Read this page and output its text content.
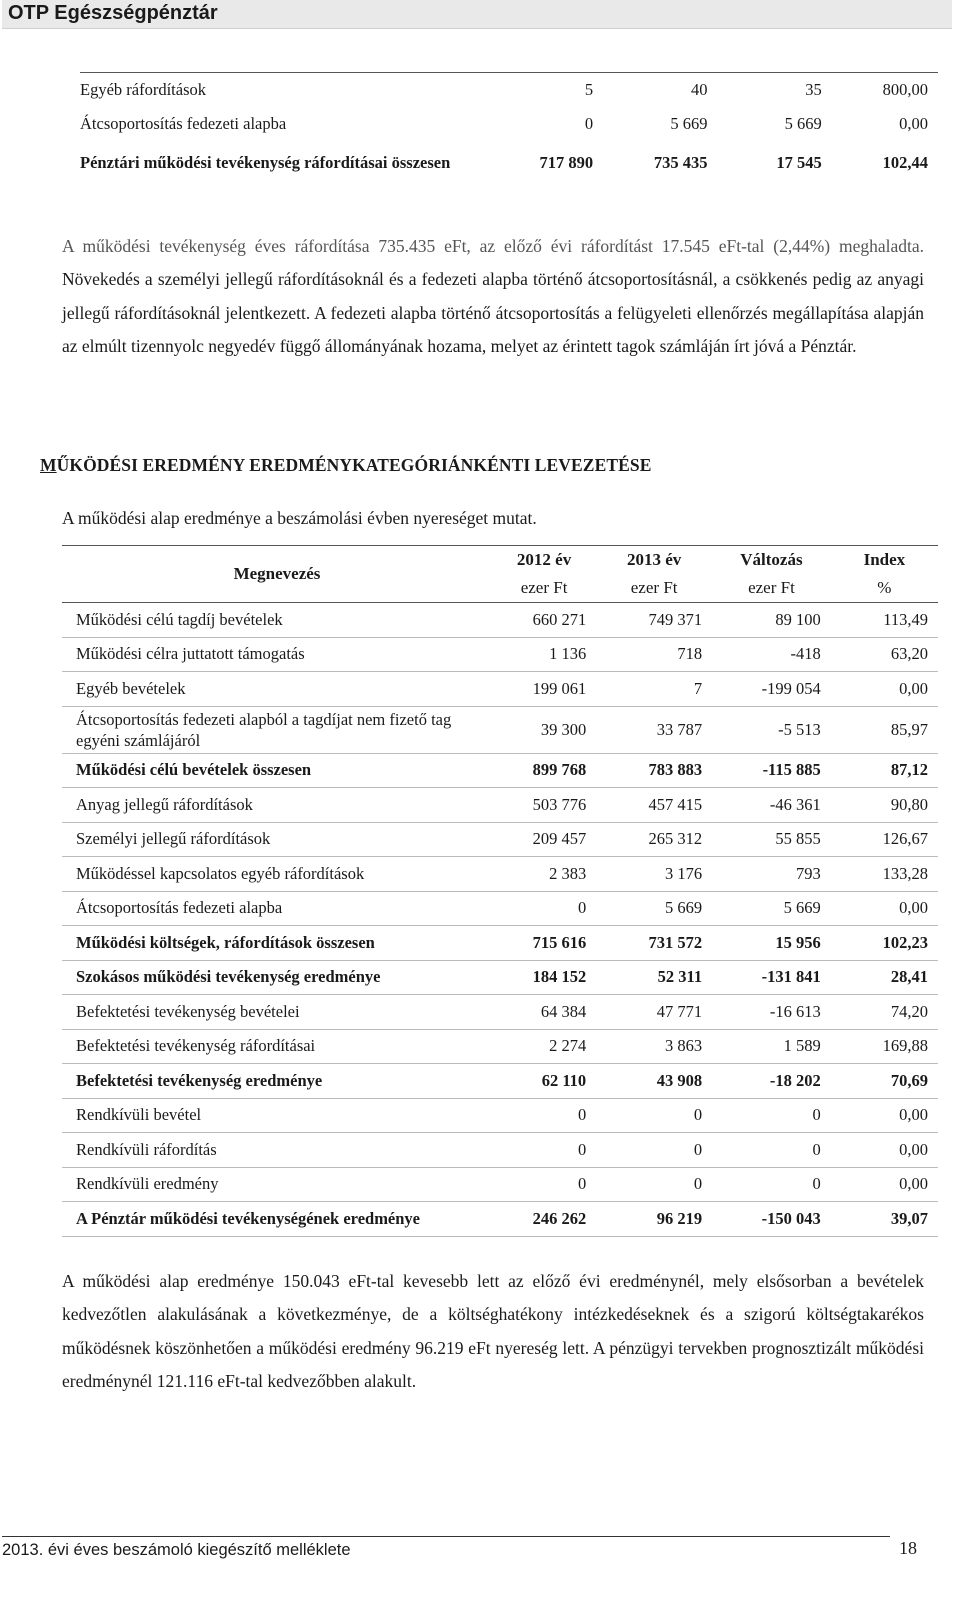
OTP Egészségpénztár
Egyéb ráfordítások	5	40	35	800,00
Átcsoportosítás fedezeti alapba	0	5 669	5 669	0,00

Pénztári működési tevékenység ráfordításai összesen	717 890	735 435	17 545	102,44

A működési tevékenység éves ráfordítása 735.435 eFt, az előző évi ráfordítást 17.545 eFt-tal (2,44%) meghaladta. Növekedés a személyi jellegű ráfordításoknál és a fedezeti alapba történő átcsoportosításnál, a csökkenés pedig az anyagi jellegű ráfordításoknál jelentkezett. A fedezeti alapba történő átcsoportosítás a felügyeleti ellenőrzés megállapítása alapján az elmúlt tizennyolc negyedév függő állományának hozama, melyet az érintett tagok számláján írt jóvá a Pénztár.

MŰKÖDÉSI EREDMÉNY EREDMÉNYKATEGÓRIÁNKÉNTI LEVEZETÉSE

A működési alap eredménye a beszámolási évben nyereséget mutat.

Megnevezés	2012 év	2013 év	Változás	Index
	ezer Ft	ezer Ft	ezer Ft	%
Működési célú tagdíj bevételek	660 271	749 371	89 100	113,49
Működési célra juttatott támogatás	1 136	718	-418	63,20
Egyéb bevételek	199 061	7	-199 054	0,00

Átcsoportosítás fedezeti alapból a tagdíjat nem fizető tag egyéni számlájáról	39 300	33 787	-5 513	85,97
Működési célú bevételek összesen	899 768	783 883	-115 885	87,12
Anyag jellegű ráfordítások	503 776	457 415	-46 361	90,80
Személyi jellegű ráfordítások	209 457	265 312	55 855	126,67
Működéssel kapcsolatos egyéb ráfordítások	2 383	3 176	793	133,28
Átcsoportosítás fedezeti alapba	0	5 669	5 669	0,00
Működési költségek, ráfordítások összesen	715 616	731 572	15 956	102,23
Szokásos működési tevékenység eredménye	184 152	52 311	-131 841	28,41
Befektetési tevékenység bevételei	64 384	47 771	-16 613	74,20
Befektetési tevékenység ráfordításai	2 274	3 863	1 589	169,88
Befektetési tevékenység eredménye	62 110	43 908	-18 202	70,69
Rendkívüli bevétel	0	0	0	0,00
Rendkívüli ráfordítás	0	0	0	0,00
Rendkívüli eredmény	0	0	0	0,00
A Pénztár működési tevékenységének eredménye	246 262	96 219	-150 043	39,07

A működési alap eredménye 150.043 eFt-tal kevesebb lett az előző évi eredménynél, mely elsősorban a bevételek kedvezőtlen alakulásának a következménye, de a költséghatékony intézkedéseknek és a szigorú költségtakarékos működésnek köszönhetően a működési eredmény 96.219 eFt nyereség lett. A pénzügyi tervekben prognosztizált működési eredménynél 121.116 eFt-tal kedvezőbben alakult.

2013. évi éves beszámoló kiegészítő melléklete	18
